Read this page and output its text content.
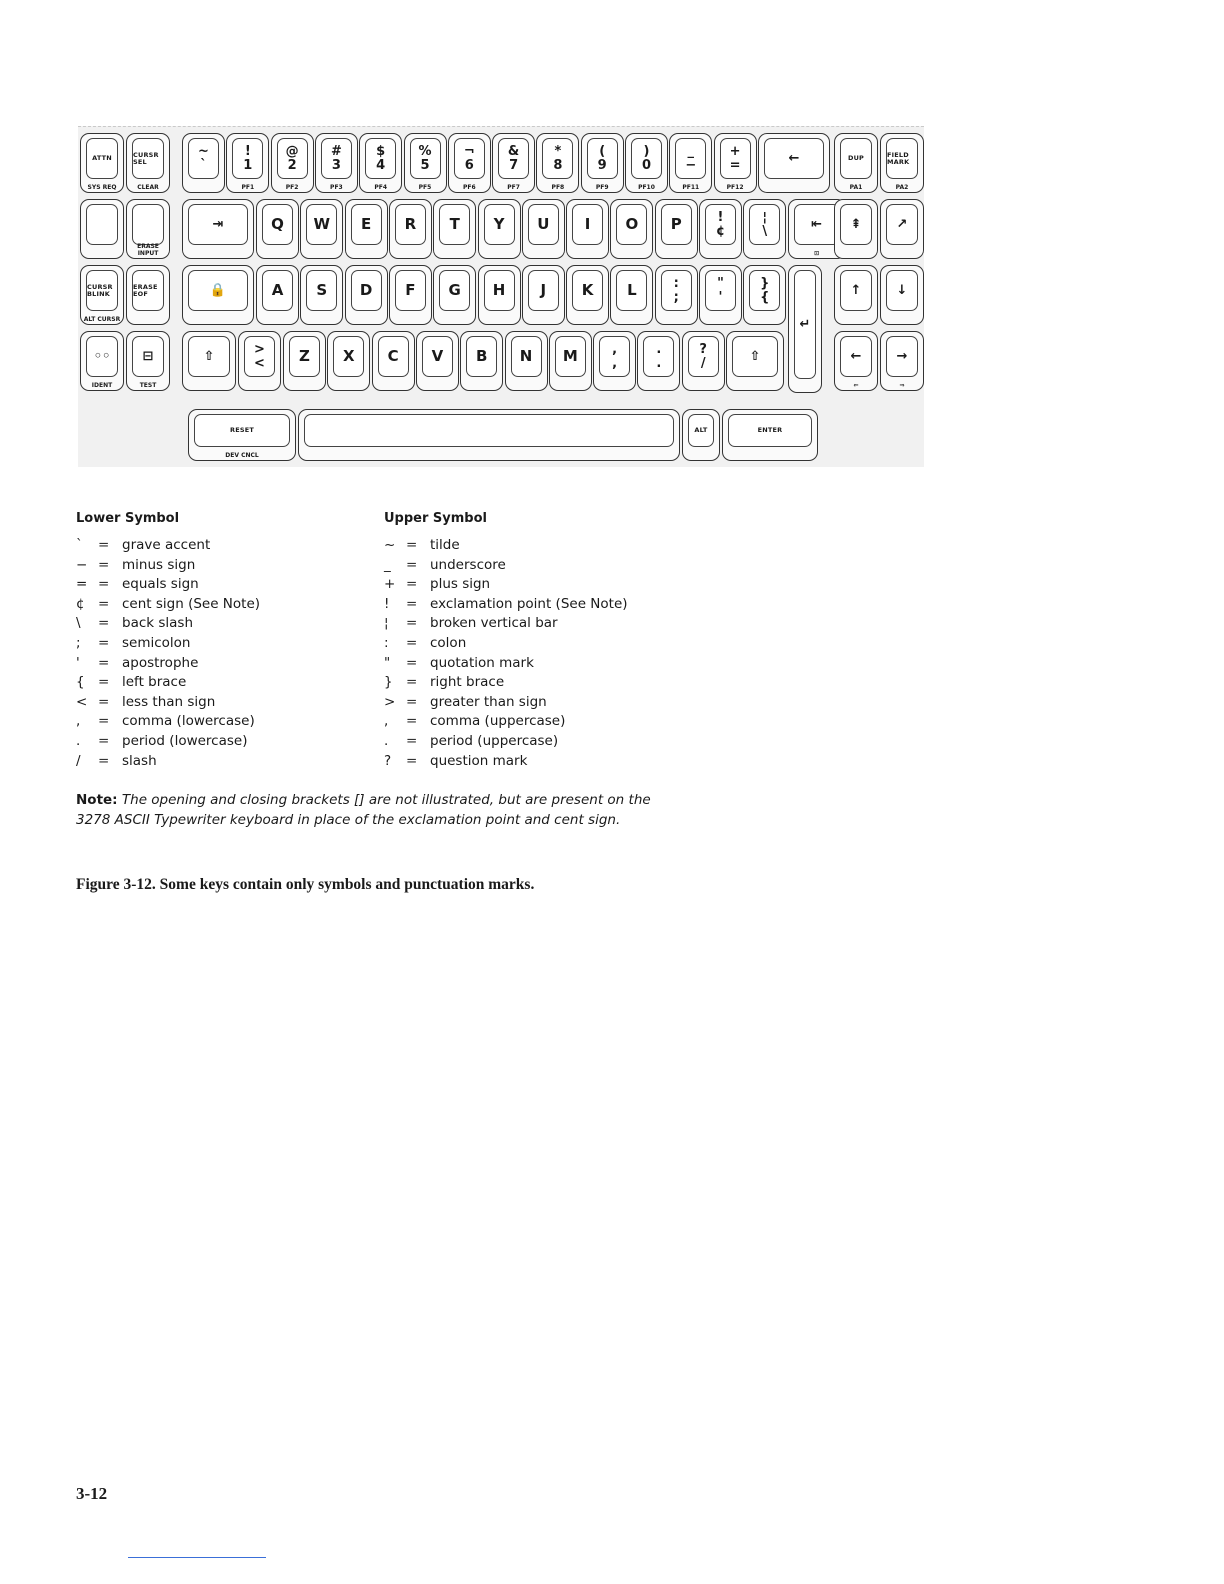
ATTN
SYS REQ
CURSR SEL
CLEAR
~
`
!
1
PF1
@
2
PF2
#
3
PF3
$
4
PF4
%
5
PF5
¬
6
PF6
&
7
PF7
*
8
PF8
(
9
PF9
)
0
PF10
_
−
PF11
+
=
PF12
←	DUP
PA1
FIELD MARK
PA2
ERASE INPUT
⇥	Q W E R T Y U I O P	!
¢
¦
\	⇤
⊡
⇞	↗
CURSR BLINK
ALT CURSR
ERASE EOF	🔒	A S D F G H J K L	:
;
"
'
}
{
↵
↑	↓
◦◦
IDENT
⊟
TEST
⇧	>
< Z X C V B N M	,
,
.
.
?
/	⇧	←
⇐
→
⇒
RESET
DEV CNCL
ALT	ENTER
Lower Symbol	Upper Symbol
`	= grave accent
− = minus sign
= = equals sign
¢ = cent sign (See Note)
\	= back slash
;	= semicolon
'	= apostrophe
{ = left brace
< = less than sign
,	= comma (lowercase)
.	= period (lowercase)
/	= slash
~ = tilde
_	= underscore
+ = plus sign
!	= exclamation point (See Note)
¦	= broken vertical bar
:	= colon
"	= quotation mark
} = right brace
> = greater than sign
,	= comma (uppercase)
.	= period (uppercase)
?	= question mark
Note: The opening and closing brackets [] are not illustrated, but are present on the 3278 ASCII Typewriter keyboard in place of the exclamation point and cent sign.
Figure 3-12. Some keys contain only symbols and punctuation marks.
3-12
